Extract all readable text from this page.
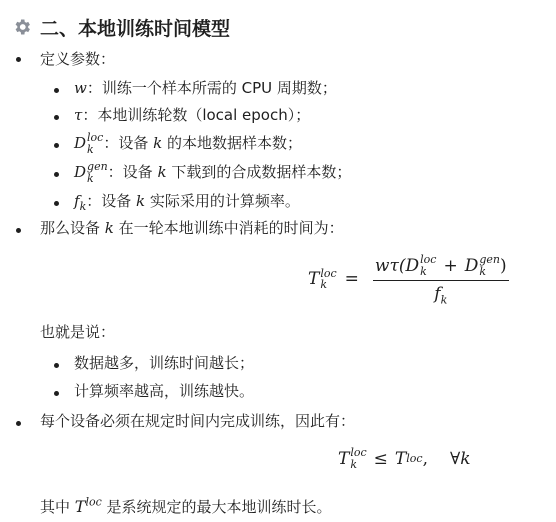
二、本地训练时间模型
定义参数：
w：训练一个样本所需的 CPU 周期数；
τ：本地训练轮数（local epoch）；
D loc
k ：设备 k 的本地数据样本数；
D gen
k ：设备 k 下载到的合成数据样本数；
$f_k$：设备 k 实际采用的计算频率。
那么设备 k 在一轮本地训练中消耗的时间为：
T loc
k	= wτ( D loc
k + D gen
k )
$f_k$
也就是说：
数据越多，训练时间越长；
计算频率越高，训练越快。
每个设备必须在规定时间内完成训练，因此有：
T loc
k ≤ T loc , ∀ k
其中 $T^{loc}$ 是系统规定的最大本地训练时长。
